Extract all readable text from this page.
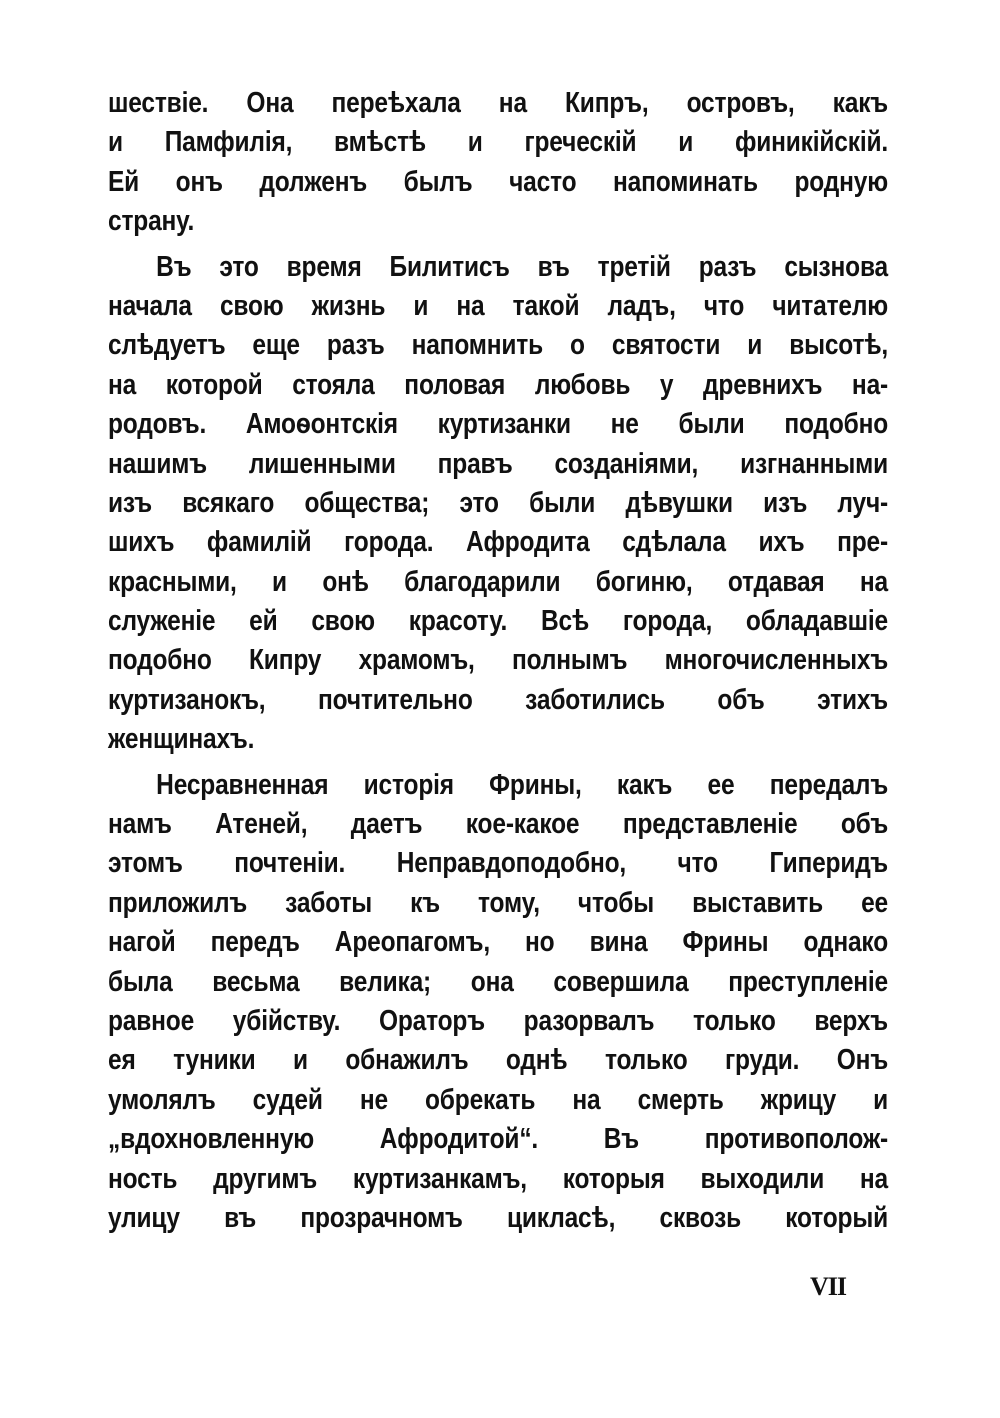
шествіе. Она переѣхала на Кипръ, островъ, какъ
и Памфилія, вмѣстѣ и греческій и финикійскій.
Ей онъ долженъ былъ часто напоминать родную
страну.
Въ это время Билитисъ въ третій разъ сызнова
начала свою жизнь и на такой ладъ, что читателю
слѣдуетъ еще разъ напомнить о святости и высотѣ,
на которой стояла половая любовь у древнихъ на-
родовъ. Амоѳонтскія куртизанки не были подобно
нашимъ лишенными правъ созданіями, изгнанными
изъ всякаго общества; это были дѣвушки изъ луч-
шихъ фамилій города. Афродита сдѣлала ихъ пре-
красными, и онѣ благодарили богиню, отдавая на
служеніе ей свою красоту. Всѣ города, обладавшіе
подобно Кипру храмомъ, полнымъ многочисленныхъ
куртизанокъ, почтительно заботились объ этихъ
женщинахъ.
Несравненная исторія Фрины, какъ ее передалъ
намъ Атеней, даетъ кое-какое представленіе объ
этомъ почтеніи. Неправдоподобно, что Гиперидъ
приложилъ заботы къ тому, чтобы выставить ее
нагой передъ Ареопагомъ, но вина Фрины однако
была весьма велика; она совершила преступленіе
равное убійству. Ораторъ разорвалъ только верхъ
ея туники и обнажилъ однѣ только груди. Онъ
умолялъ судей не обрекать на смерть жрицу и
„вдохновленную Афродитой“. Въ противополож-
ность другимъ куртизанкамъ, которыя выходили на
улицу въ прозрачномъ цикласѣ, сквозь который
VII
